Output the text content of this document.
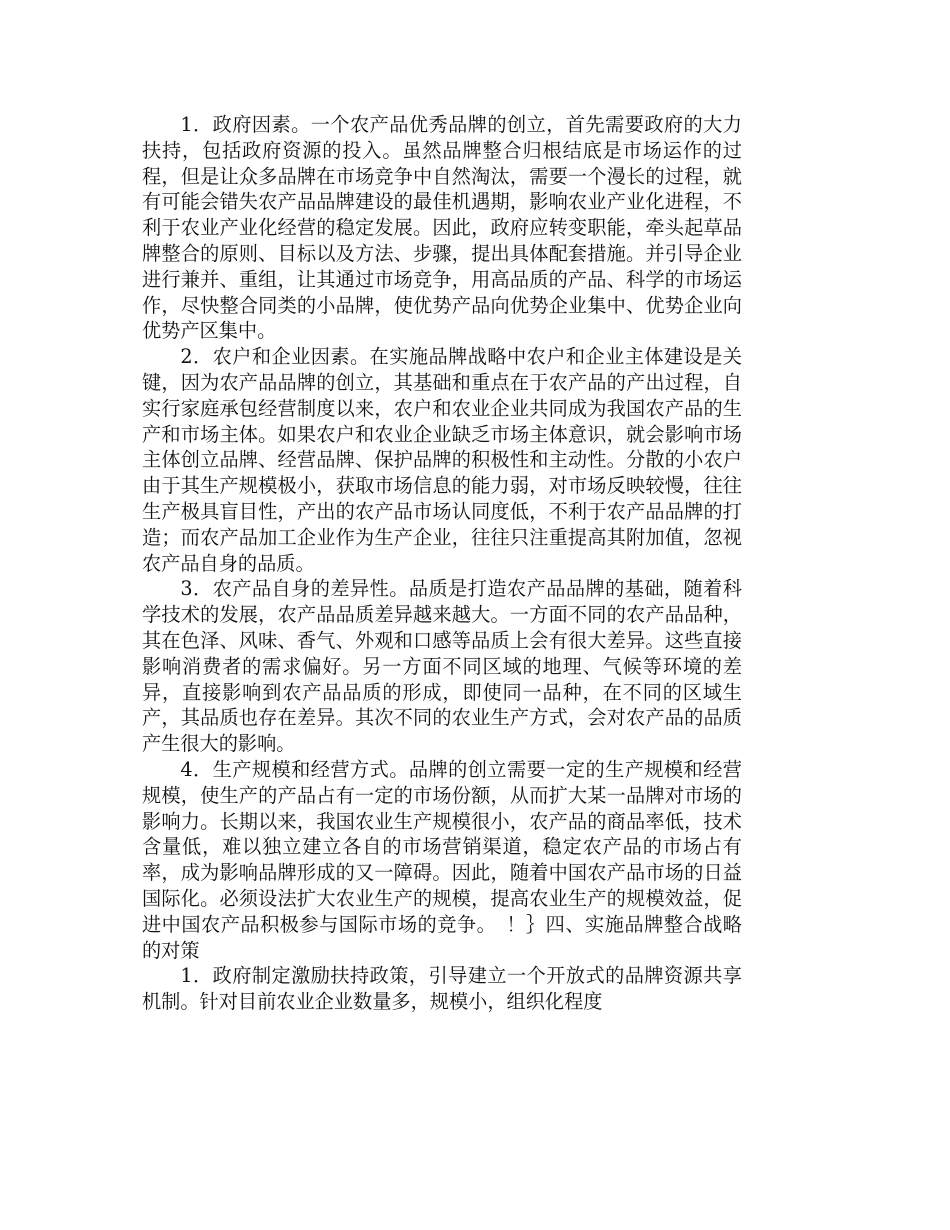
1．政府因素。一个农产品优秀品牌的创立，首先需要政府的大力扶持，包括政府资源的投入。虽然品牌整合归根结底是市场运作的过程，但是让众多品牌在市场竞争中自然淘汰，需要一个漫长的过程，就有可能会错失农产品品牌建设的最佳机遇期，影响农业产业化进程，不利于农业产业化经营的稳定发展。因此，政府应转变职能，牵头起草品牌整合的原则、目标以及方法、步骤，提出具体配套措施。并引导企业进行兼并、重组，让其通过市场竞争，用高品质的产品、科学的市场运作，尽快整合同类的小品牌，使优势产品向优势企业集中、优势企业向优势产区集中。

2．农户和企业因素。在实施品牌战略中农户和企业主体建设是关键，因为农产品品牌的创立，其基础和重点在于农产品的产出过程，自实行家庭承包经营制度以来，农户和农业企业共同成为我国农产品的生产和市场主体。如果农户和农业企业缺乏市场主体意识，就会影响市场主体创立品牌、经营品牌、保护品牌的积极性和主动性。分散的小农户由于其生产规模极小，获取市场信息的能力弱，对市场反映较慢，往往生产极具盲目性，产出的农产品市场认同度低，不利于农产品品牌的打造；而农产品加工企业作为生产企业，往往只注重提高其附加值，忽视农产品自身的品质。

3．农产品自身的差异性。品质是打造农产品品牌的基础，随着科学技术的发展，农产品品质差异越来越大。一方面不同的农产品品种，其在色泽、风味、香气、外观和口感等品质上会有很大差异。这些直接影响消费者的需求偏好。另一方面不同区域的地理、气候等环境的差异，直接影响到农产品品质的形成，即使同一品种，在不同的区域生产，其品质也存在差异。其次不同的农业生产方式，会对农产品的品质产生很大的影响。

4．生产规模和经营方式。品牌的创立需要一定的生产规模和经营规模，使生产的产品占有一定的市场份额，从而扩大某一品牌对市场的影响力。长期以来，我国农业生产规模很小，农产品的商品率低，技术含量低，难以独立建立各自的市场营销渠道，稳定农产品的市场占有率，成为影响品牌形成的又一障碍。因此，随着中国农产品市场的日益国际化。必须设法扩大农业生产的规模，提高农业生产的规模效益，促进中国农产品积极参与国际市场的竞争。　！｝四、实施品牌整合战略的对策

1．政府制定激励扶持政策，引导建立一个开放式的品牌资源共享机制。针对目前农业企业数量多，规模小，组织化程度
